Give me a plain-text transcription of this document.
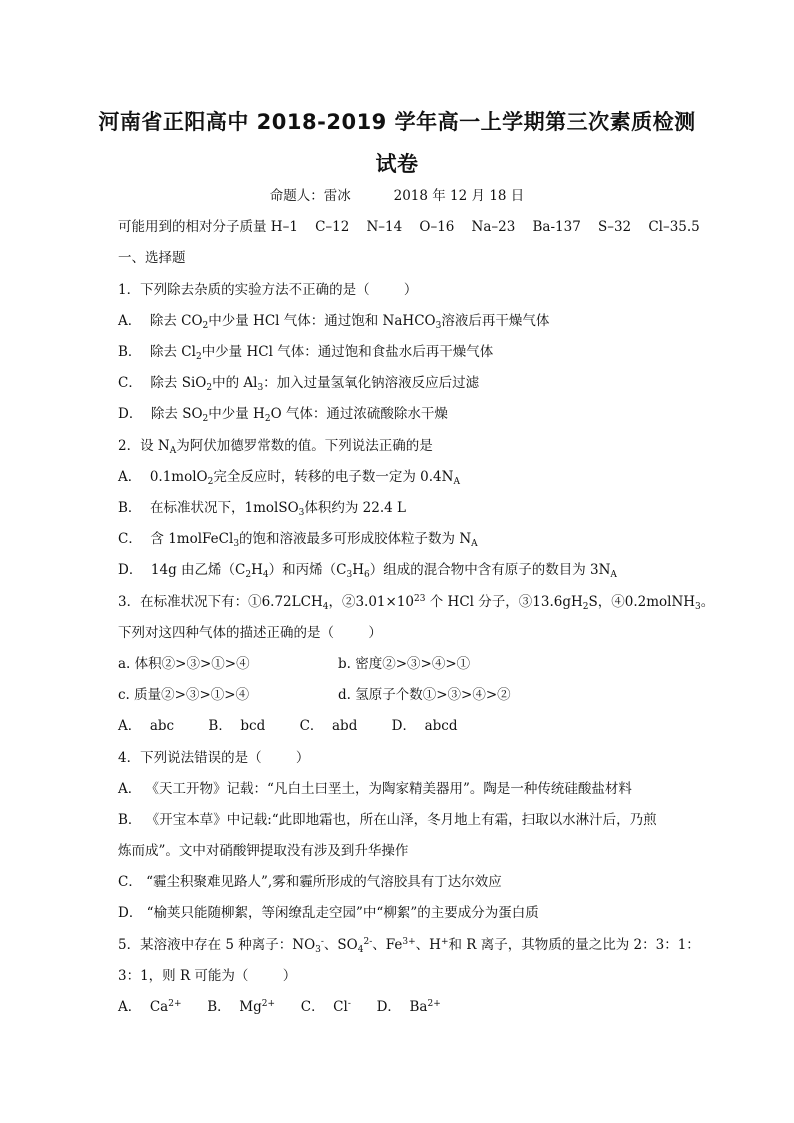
河南省正阳高中 2018-2019 学年高一上学期第三次素质检测
试卷
命题人：雷冰          2018 年 12 月 18 日
可能用到的相对分子质量 H–1    C–12    N–14    O–16    Na–23    Ba-137    S–32    Cl–35.5
一、选择题
1．下列除去杂质的实验方法不正确的是（        ）
A．  除去 $CO_2$中少量 HCl 气体：通过饱和 NaHCO$_3$溶液后再干燥气体
B．  除去 $Cl_2$中少量 HCl 气体：通过饱和食盐水后再干燥气体
C．  除去 SiO$_2$中的 $Al_3$：加入过量氢氧化钠溶液反应后过滤
D．  除去 $SO_2$中少量 $H_2O$ 气体：通过浓硫酸除水干燥
2．设 $N_A$为阿伏加德罗常数的值。下列说法正确的是
A．  0.1molO$_2$完全反应时，转移的电子数一定为 $0.4N_A$
B．  在标准状况下，1molSO$_3$体积约为 22.4 L
C．  含 1molFeCl$_3$的饱和溶液最多可形成胶体粒子数为 $N_A$
D．  14g 由乙烯$(C_2H_4)$和丙烯$(C_3H_6)$组成的混合物中含有原子的数目为 $3N_A$
3．在标准状况下有：$①6.72LCH_4$，$②3.01\times 10^{23}$ 个 HCl 分子，$③13.6gH_2S$，④0.2molNH$_3$。
下列对这四种气体的描述正确的是（        ）
a. 体积②>③>①>④	b. 密度②>③>④>①
c. 质量②>③>①>④	d. 氢原子个数①>③>④>②
A．  abc        B．  bcd        C．  abd        D．  abcd
4．下列说法错误的是（        ）
A． 《天工开物》记载：“凡白土曰垩土，为陶家精美器用”。陶是一种传统硅酸盐材料
B． 《开宝本草》中记载:“此即地霜也，所在山泽，冬月地上有霜，扫取以水淋汁后，乃煎
炼而成”。文中对硝酸钾提取没有涉及到升华操作
C． “霾尘积聚难见路人”,雾和霾所形成的气溶胶具有丁达尔效应
D． “榆荚只能随柳絮，等闲缭乱走空园”中“柳絮”的主要成分为蛋白质
5．某溶液中存在 5 种离子：$NO_3^-$、$SO_4^{2-}$、$Fe^{3+}$、H+和 R 离子，其物质的量之比为 2：3：1：
3：1，则 R 可能为（        ）
A．  $Ca^{2+}$      B．  $Mg^{2+}$      C．  Cl-      D．  $Ba^{2+}$
